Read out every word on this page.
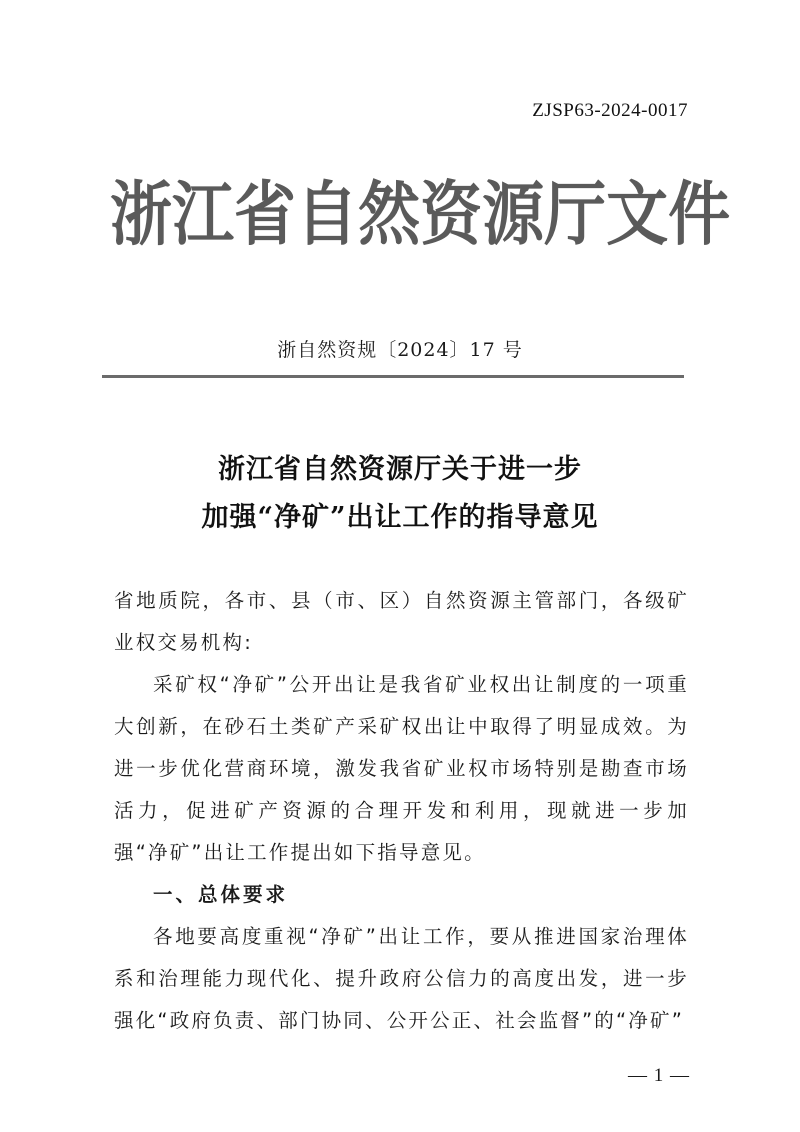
ZJSP63-2024-0017
浙 江 省 自 然 资 源 厅 文 件
浙自然资规〔2024〕17 号
浙江省自然资源厅关于进一步
加强“净矿”出让工作的指导意见

省地质院，各市、县（市、区）自然资源主管部门，各级矿业权交易机构:

采矿权“净矿”公开出让是我省矿业权出让制度的一项重大创新，在砂石土类矿产采矿权出让中取得了明显成效。为进一步优化营商环境，激发我省矿业权市场特别是勘查市场活力，促进矿产资源的合理开发和利用，现就进一步加强“净矿”出让工作提出如下指导意见。

一、总体要求

各地要高度重视“净矿”出让工作，要从推进国家治理体系和治理能力现代化、提升政府公信力的高度出发，进一步强化“政府负责、部门协同、公开公正、社会监督”的“净矿”

— 1 —
